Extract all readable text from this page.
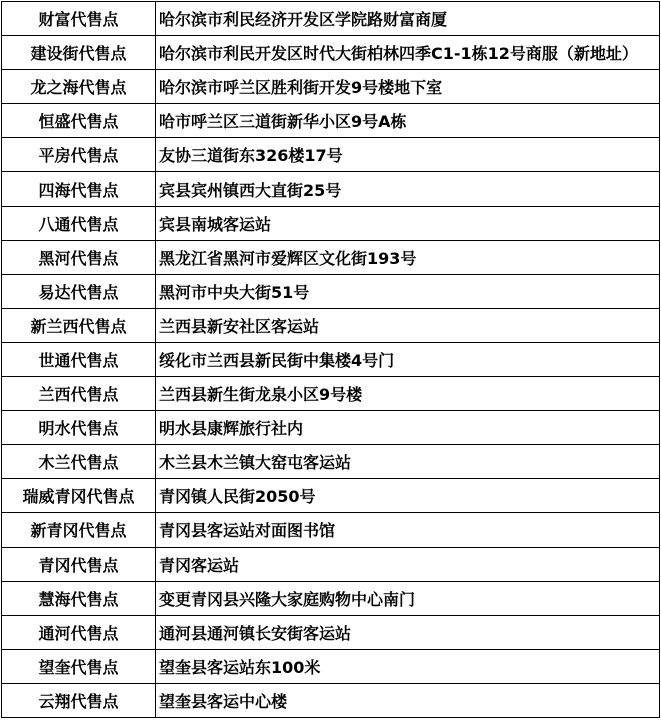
财富代售点	哈尔滨市利民经济开发区学院路财富商厦
建设街代售点	哈尔滨市利民开发区时代大街柏林四季C1-1栋12号商服（新地址）
龙之海代售点	哈尔滨市呼兰区胜利街开发9号楼地下室
恒盛代售点	哈市呼兰区三道街新华小区9号A栋
平房代售点	友协三道街东326楼17号
四海代售点	宾县宾州镇西大直街25号
八通代售点	宾县南城客运站
黑河代售点	黑龙江省黑河市爱辉区文化街193号
易达代售点	黑河市中央大街51号
新兰西代售点	兰西县新安社区客运站
世通代售点	绥化市兰西县新民街中集楼4号门
兰西代售点	兰西县新生街龙泉小区9号楼
明水代售点	明水县康辉旅行社内
木兰代售点	木兰县木兰镇大窑屯客运站
瑞威青冈代售点	青冈镇人民街2050号
新青冈代售点	青冈县客运站对面图书馆
青冈代售点	青冈客运站
慧海代售点	变更青冈县兴隆大家庭购物中心南门
通河代售点	通河县通河镇长安街客运站
望奎代售点	望奎县客运站东100米
云翔代售点	望奎县客运中心楼
